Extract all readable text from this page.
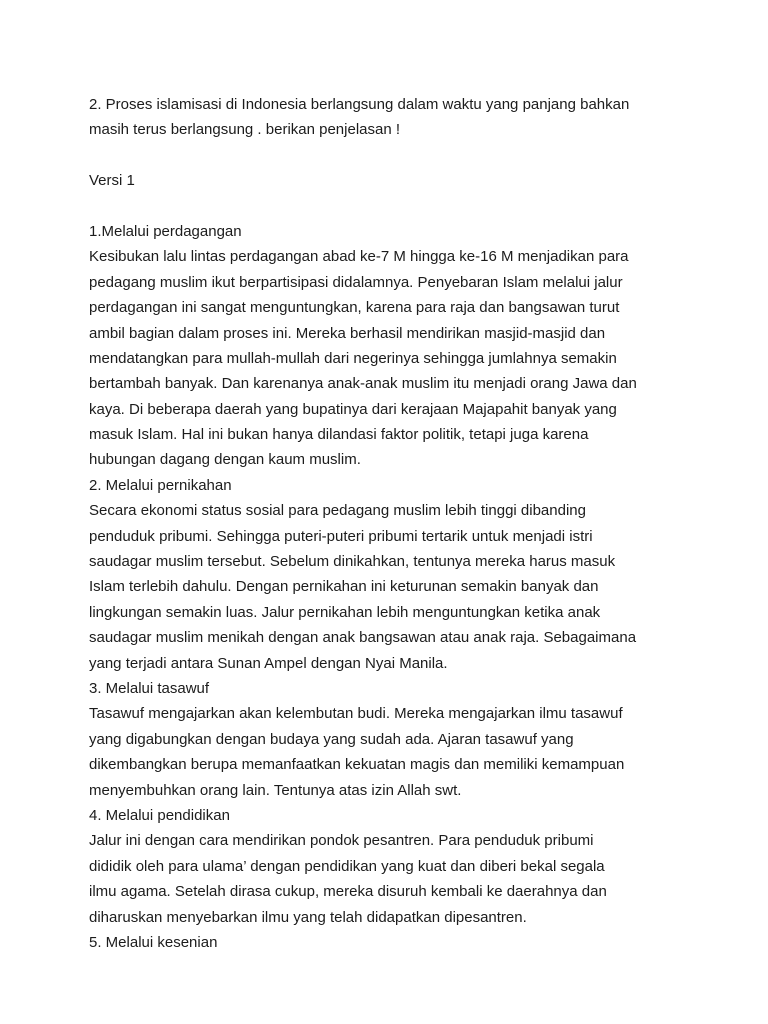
2. Proses islamisasi di Indonesia berlangsung dalam waktu yang panjang bahkan
masih terus berlangsung . berikan penjelasan !
Versi 1
1.Melalui perdagangan
Kesibukan lalu lintas perdagangan abad ke-7 M hingga ke-16 M menjadikan para
pedagang muslim ikut berpartisipasi didalamnya. Penyebaran Islam melalui jalur
perdagangan ini sangat menguntungkan, karena para raja dan bangsawan turut
ambil bagian dalam proses ini. Mereka berhasil mendirikan masjid-masjid dan
mendatangkan para mullah-mullah dari negerinya sehingga jumlahnya semakin
bertambah banyak. Dan karenanya anak-anak muslim itu menjadi orang Jawa dan
kaya. Di beberapa daerah yang bupatinya dari kerajaan Majapahit banyak yang
masuk Islam. Hal ini bukan hanya dilandasi faktor politik, tetapi juga karena
hubungan dagang dengan kaum muslim.
2. Melalui pernikahan
Secara ekonomi status sosial para pedagang muslim lebih tinggi dibanding
penduduk pribumi. Sehingga puteri-puteri pribumi tertarik untuk menjadi istri
saudagar muslim tersebut. Sebelum dinikahkan, tentunya mereka harus masuk
Islam terlebih dahulu. Dengan pernikahan ini keturunan semakin banyak dan
lingkungan semakin luas. Jalur pernikahan lebih menguntungkan ketika anak
saudagar muslim menikah dengan anak bangsawan atau anak raja. Sebagaimana
yang terjadi antara Sunan Ampel dengan Nyai Manila.
3. Melalui tasawuf
Tasawuf mengajarkan akan kelembutan budi. Mereka mengajarkan ilmu tasawuf
yang digabungkan dengan budaya yang sudah ada. Ajaran tasawuf yang
dikembangkan berupa memanfaatkan kekuatan magis dan memiliki kemampuan
menyembuhkan orang lain. Tentunya atas izin Allah swt.
4. Melalui pendidikan
Jalur ini dengan cara mendirikan pondok pesantren. Para penduduk pribumi
dididik oleh para ulama’ dengan pendidikan yang kuat dan diberi bekal segala
ilmu agama. Setelah dirasa cukup, mereka disuruh kembali ke daerahnya dan
diharuskan menyebarkan ilmu yang telah didapatkan dipesantren.
5. Melalui kesenian
